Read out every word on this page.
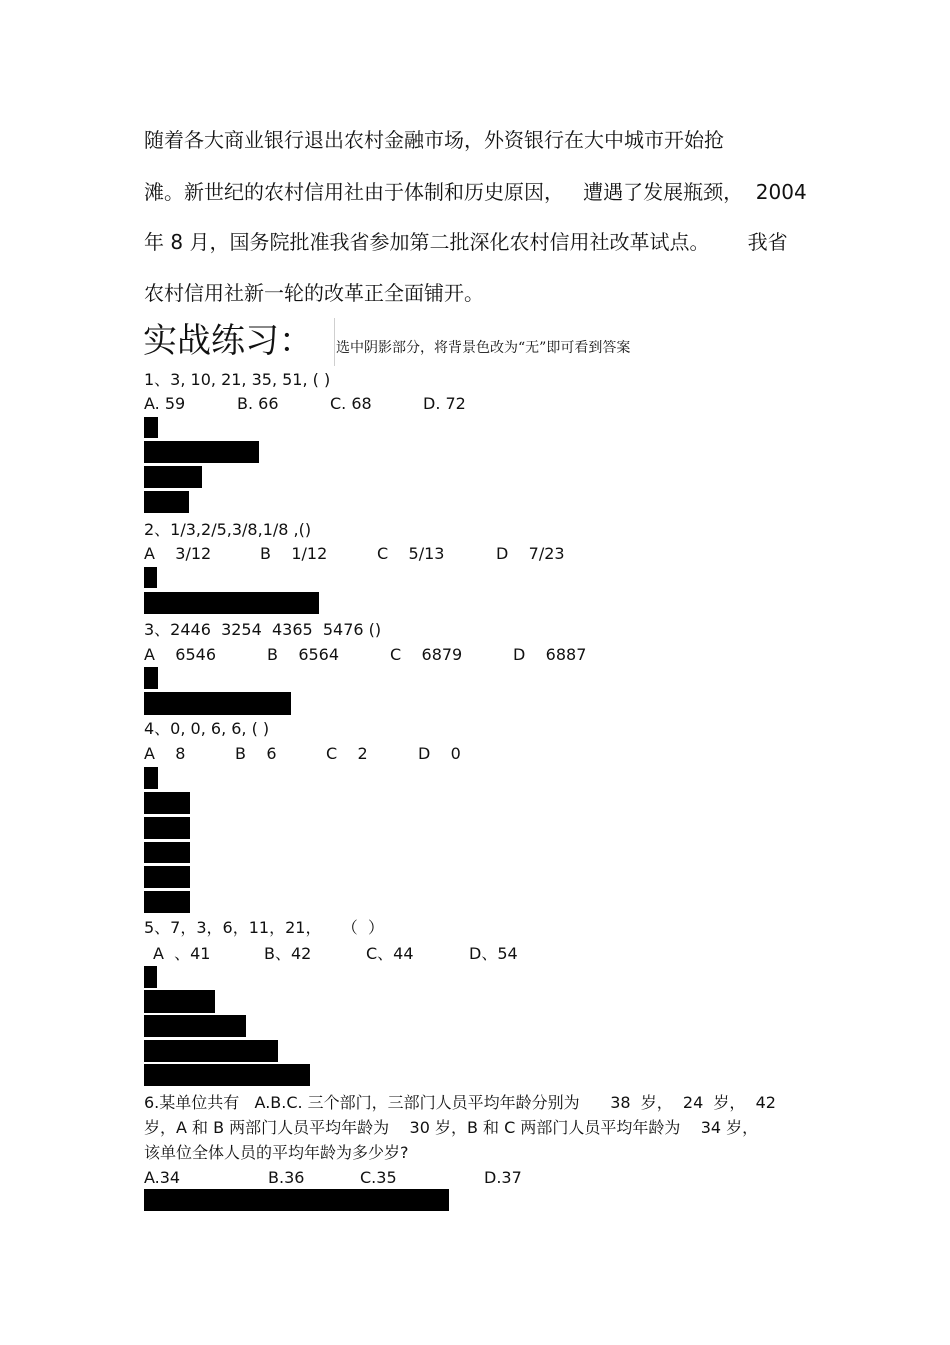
随着各大商业银行退出农村金融市场，外资银行在大中城市开始抢
滩。新世纪的农村信用社由于体制和历史原因，   遭遇了发展瓶颈，  2004
年 8 月，国务院批准我省参加第二批深化农村信用社改革试点。      我省
农村信用社新一轮的改革正全面铺开。
实战练习： 选中阴影部分，将背景色改为“无”即可看到答案
1、3, 10, 21, 35, 51, ( )
A. 59	B. 66	C. 68	D. 72
2、1/3,2/5,3/8,1/8 ,()
A    3/12	B    1/12	C    5/13	D    7/23
3、2446  3254  4365  5476 ()
A    6546	B    6564	C    6879	D    6887
4、0, 0, 6, 6, ( )
A    8	B    6	C    2	D    0
5、7，3，6，11，21，    （  ）
A  、41	B、42	C、44	D、54
6.某单位共有   A.B.C. 三个部门，三部门人员平均年龄分别为      38  岁，  24  岁，  42
岁，A 和 B 两部门人员平均年龄为    30 岁，B 和 C 两部门人员平均年龄为    34 岁，
该单位全体人员的平均年龄为多少岁?
A.34	B.36	C.35	D.37
